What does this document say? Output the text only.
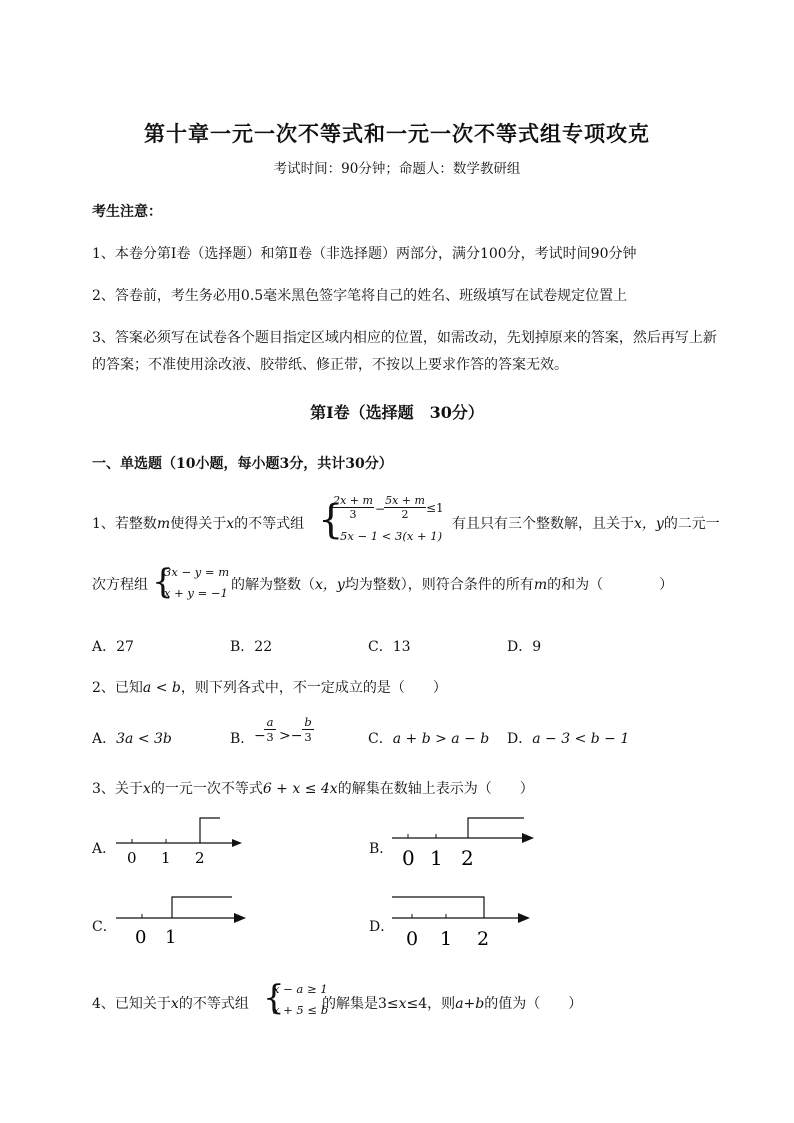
第十章一元一次不等式和一元一次不等式组专项攻克
考试时间：90分钟；命题人：数学教研组
考生注意：
1、本卷分第I卷（选择题）和第Ⅱ卷（非选择题）两部分，满分100分，考试时间90分钟
2、答卷前，考生务必用0.5毫米黑色签字笔将自己的姓名、班级填写在试卷规定位置上
3、答案必须写在试卷各个题目指定区域内相应的位置，如需改动，先划掉原来的答案，然后再写上新
的答案；不准使用涂改液、胶带纸、修正带，不按以上要求作答的答案无效。
第I卷（选择题　30分）
一、单选题（10小题，每小题3分，共计30分）
1、若整数m使得关于x的不等式组 {
2x + m
3	−
5x + m
2	≤1
5x − 1 < 3(x + 1)
有且只有三个整数解，且关于x，y的二元一
次方程组 {
3x − y = m
x + y = −1 的解为整数（x，y均为整数），则符合条件的所有m的和为（　　　　）
A．27	B．22	C．13	D．9
2、已知a < b，则下列各式中，不一定成立的是（　　）
A．3a < 3b	B． −
a
3 >−
b
3	C．a + b > a − b D．a − 3 < b − 1
3、关于x的一元一次不等式6 + x ≤ 4x的解集在数轴上表示为（　　）
A． 0 1 2	B． 0 1 2
C． 0 1	D．
0 1 2
4、已知关于x的不等式组 {
x − a ≥ 1
x + 5 ≤ b
的解集是3≤x≤4，则a+b的值为（　　）
